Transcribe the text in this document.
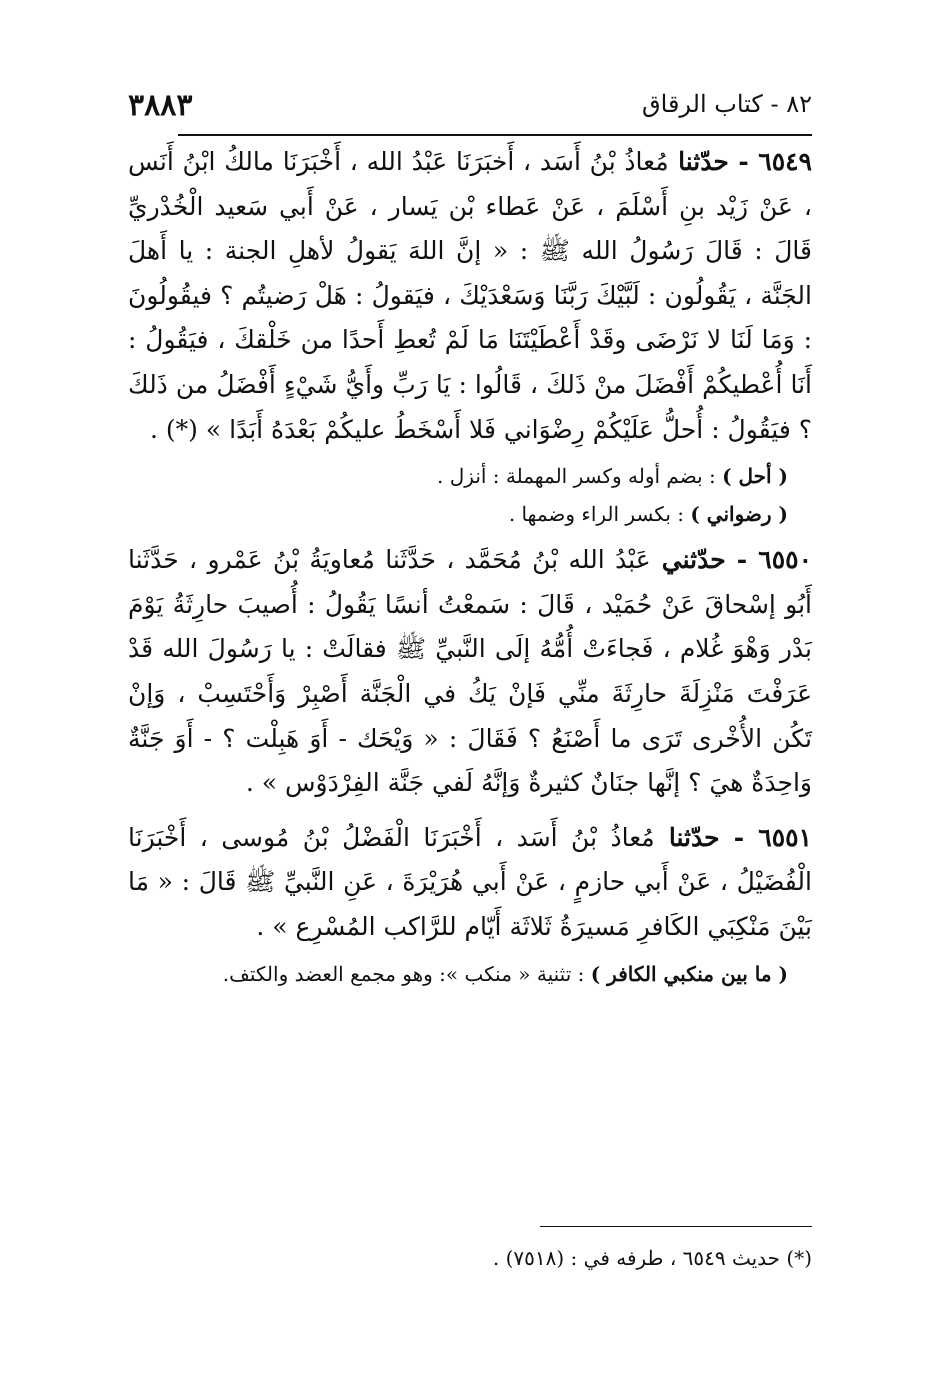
٨٢ - كتاب الرقاق
٣٨٨٣

٦٥٤٩ - حدّثنا مُعاذُ بْنُ أَسَد ، أَخبَرَنَا عَبْدُ الله ، أَخْبَرَنَا مالكُ ابْنُ أَنَس ، عَنْ زَيْد بنِ أَسْلَمَ ، عَنْ عَطاء بْن يَسار ، عَنْ أَبي سَعيد الْخُدْريِّ قَالَ : قَالَ رَسُولُ الله ﷺ : « إنَّ اللهَ يَقولُ لأهلِ الجنة : يا أَهلَ الجَنَّة ، يَقُولُون : لَبَّيْكَ رَبَّنَا وَسَعْدَيْكَ ، فيَقولُ : هَلْ رَضيتُم ؟ فيقُولُونَ : وَمَا لَنَا لا نَرْضَى وقَدْ أَعْطَيْتَنَا مَا لَمْ تُعطِ أَحدًا من خَلْقكَ ، فيَقُولُ : أَنَا أُعْطيكُمْ أَفْضَلَ منْ ذَلكَ ، قَالُوا : يَا رَبِّ وأَيُّ شَيْءٍ أَفْضَلُ من ذَلكَ ؟ فيَقُولُ : أُحلُّ عَلَيْكُمْ رِضْوَاني فَلا أَسْخَطُ عليكُمْ بَعْدَهُ أَبَدًا » (*) .

( أحل ) : بضم أوله وكسر المهملة : أنزل .

( رضواني ) : بكسر الراء وضمها .

٦٥٥٠ - حدّثني عَبْدُ الله بْنُ مُحَمَّد ، حَدَّثَنا مُعاويَةُ بْنُ عَمْرو ، حَدَّثَنا أَبُو إسْحاقَ عَنْ حُمَيْد ، قَالَ : سَمعْتُ أنسًا يَقُولُ : أُصيبَ حارِثَةُ يَوْمَ بَدْر وَهْوَ غُلام ، فَجاءَتْ أُمُّهُ إلَى النَّبيِّ ﷺ فقالَتْ : يا رَسُولَ الله قَدْ عَرَفْتَ مَنْزِلَةَ حارِثَةَ منِّي فَإنْ يَكُ في الْجَنَّة أَصْبِرْ وَأَحْتَسِبْ ، وَإنْ تَكُن الأُخْرى تَرَى ما أَصْنَعُ ؟ فَقَالَ : « وَيْحَك - أَوَ هَبِلْت ؟ - أَوَ جَنَّةٌ وَاحِدَةٌ هيَ ؟ إنَّها جنَانٌ كثيرةٌ وَإنَّهُ لَفي جَنَّة الفِرْدَوْس » .

٦٥٥١ - حدّثنا مُعاذُ بْنُ أَسَد ، أَخْبَرَنَا الْفَضْلُ بْنُ مُوسى ، أَخْبَرَنَا الْفُضَيْلُ ، عَنْ أَبي حازمٍ ، عَنْ أَبي هُرَيْرَةَ ، عَنِ النَّبيِّ ﷺ قَالَ : « مَا بَيْنَ مَنْكِبَي الكَافرِ مَسيرَةُ ثَلاثَة أَيّام للرَّاكب المُسْرِع » .

( ما بين منكبي الكافر ) : تثنية « منكب »: وهو مجمع العضد والكتف.

(*) حديث ٦٥٤٩ ، طرفه في : (٧٥١٨) .
